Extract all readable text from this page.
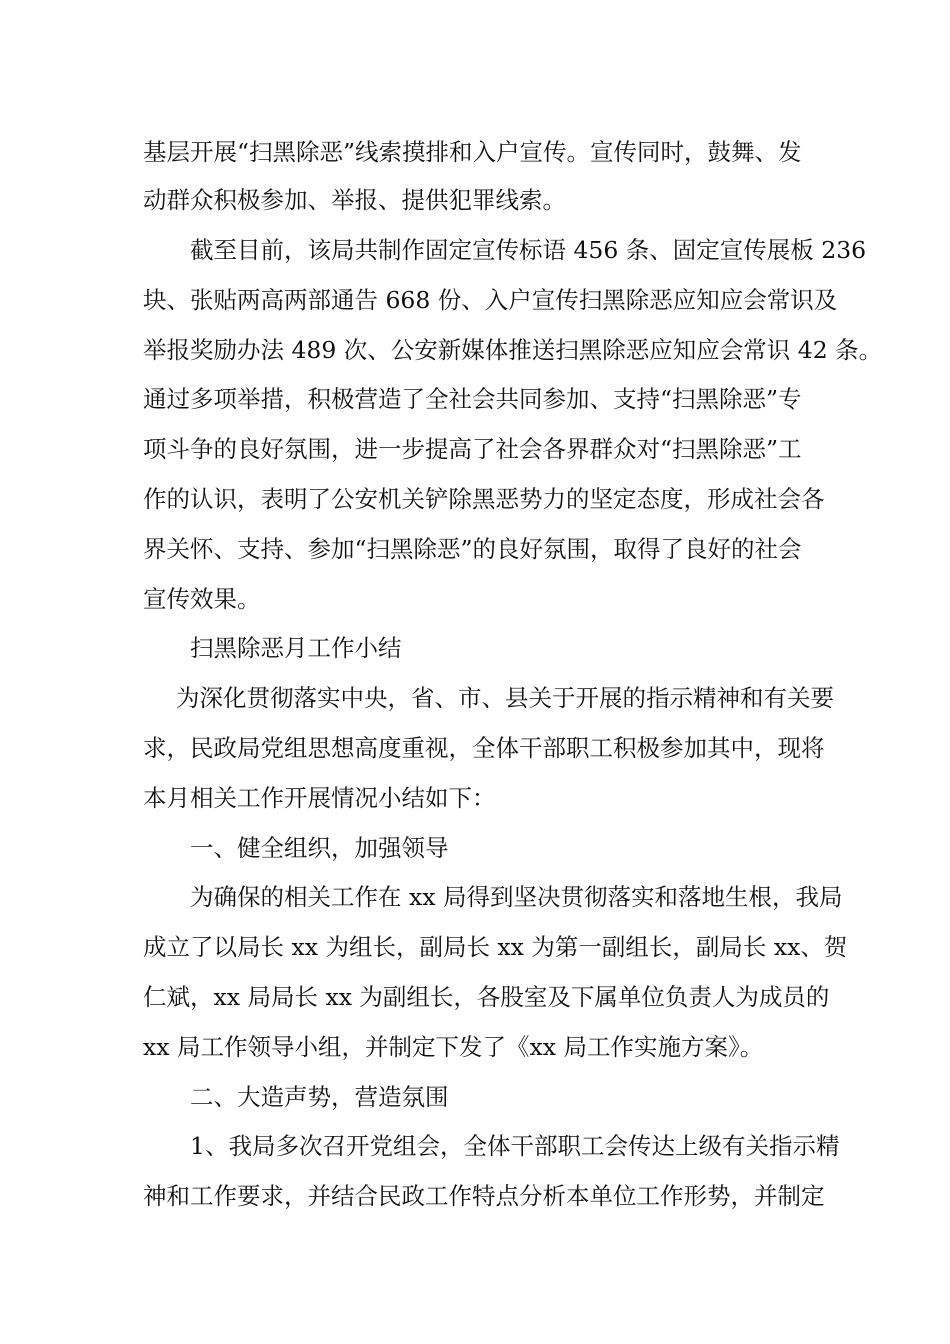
基层开展“扫黑除恶”线索摸排和入户宣传。宣传同时，鼓舞、发
动群众积极参加、举报、提供犯罪线索。
截至目前，该局共制作固定宣传标语 456 条、固定宣传展板 236
块、张贴两高两部通告 668 份、入户宣传扫黑除恶应知应会常识及
举报奖励办法 489 次、公安新媒体推送扫黑除恶应知应会常识 42 条。
通过多项举措，积极营造了全社会共同参加、支持“扫黑除恶”专
项斗争的良好氛围，进一步提高了社会各界群众对“扫黑除恶”工
作的认识，表明了公安机关铲除黑恶势力的坚定态度，形成社会各
界关怀、支持、参加“扫黑除恶”的良好氛围，取得了良好的社会
宣传效果。
扫黑除恶月工作小结
为深化贯彻落实中央，省、市、县关于开展的指示精神和有关要
求，民政局党组思想高度重视，全体干部职工积极参加其中，现将
本月相关工作开展情况小结如下：
一、健全组织，加强领导
为确保的相关工作在 xx 局得到坚决贯彻落实和落地生根，我局
成立了以局长 xx 为组长，副局长 xx 为第一副组长，副局长 xx、贺
仁斌，xx 局局长 xx 为副组长，各股室及下属单位负责人为成员的
xx 局工作领导小组，并制定下发了《xx 局工作实施方案》。
二、大造声势，营造氛围
1、我局多次召开党组会，全体干部职工会传达上级有关指示精
神和工作要求，并结合民政工作特点分析本单位工作形势，并制定
